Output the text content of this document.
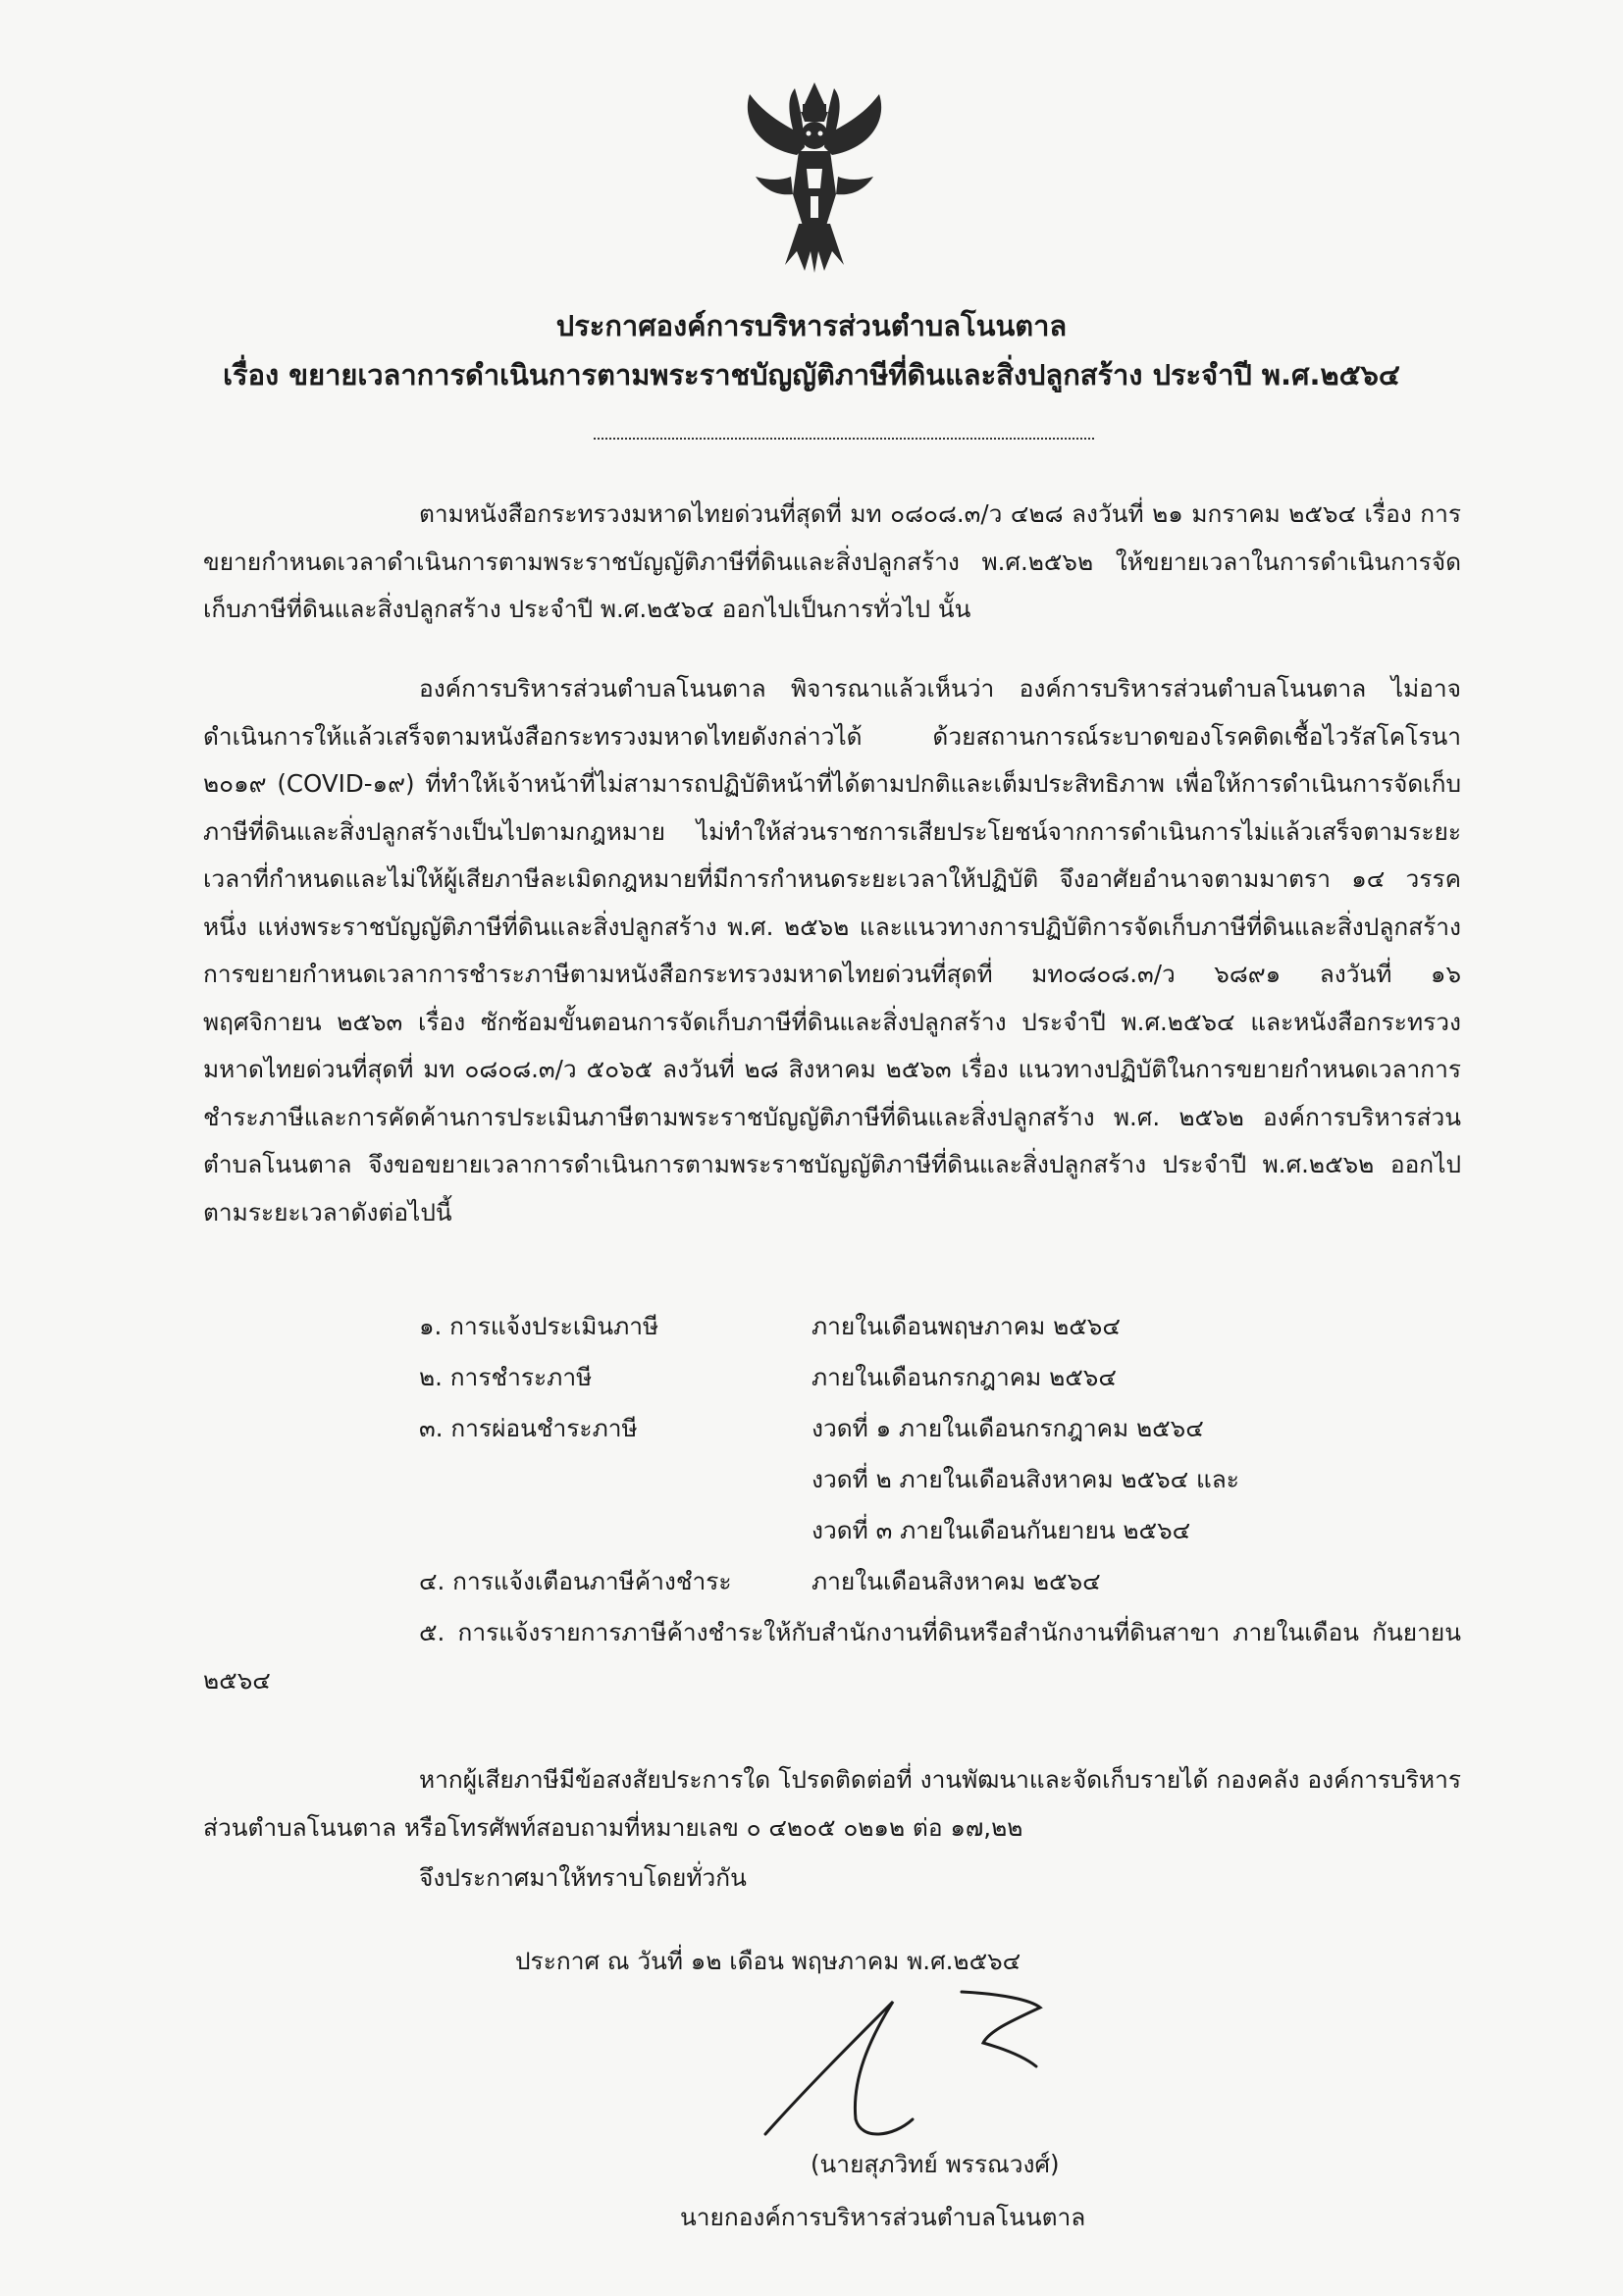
ประกาศองค์การบริหารส่วนตำบลโนนตาล
เรื่อง ขยายเวลาการดำเนินการตามพระราชบัญญัติภาษีที่ดินและสิ่งปลูกสร้าง ประจำปี พ.ศ.๒๕๖๔

ตามหนังสือกระทรวงมหาดไทยด่วนที่สุดที่ มท ๐๘๐๘.๓/ว ๔๒๘ ลงวันที่ ๒๑ มกราคม ๒๕๖๔ เรื่อง การขยายกำหนดเวลาดำเนินการตามพระราชบัญญัติภาษีที่ดินและสิ่งปลูกสร้าง พ.ศ.๒๕๖๒ ให้ขยายเวลาในการดำเนินการจัดเก็บภาษีที่ดินและสิ่งปลูกสร้าง ประจำปี พ.ศ.๒๕๖๔ ออกไปเป็นการทั่วไป นั้น

องค์การบริหารส่วนตำบลโนนตาล พิจารณาแล้วเห็นว่า องค์การบริหารส่วนตำบลโนนตาล ไม่อาจดำเนินการให้แล้วเสร็จตามหนังสือกระทรวงมหาดไทยดังกล่าวได้ ด้วยสถานการณ์ระบาดของโรคติดเชื้อไวรัสโคโรนา ๒๐๑๙ (COVID-๑๙) ที่ทำให้เจ้าหน้าที่ไม่สามารถปฏิบัติหน้าที่ได้ตามปกติและเต็มประสิทธิภาพ เพื่อให้การดำเนินการจัดเก็บภาษีที่ดินและสิ่งปลูกสร้างเป็นไปตามกฎหมาย ไม่ทำให้ส่วนราชการเสียประโยชน์จากการดำเนินการไม่แล้วเสร็จตามระยะเวลาที่กำหนดและไม่ให้ผู้เสียภาษีละเมิดกฎหมายที่มีการกำหนดระยะเวลาให้ปฏิบัติ จึงอาศัยอำนาจตามมาตรา ๑๔ วรรคหนึ่ง แห่งพระราชบัญญัติภาษีที่ดินและสิ่งปลูกสร้าง พ.ศ. ๒๕๖๒ และแนวทางการปฏิบัติการจัดเก็บภาษีที่ดินและสิ่งปลูกสร้าง การขยายกำหนดเวลาการชำระภาษีตามหนังสือกระทรวงมหาดไทยด่วนที่สุดที่ มท๐๘๐๘.๓/ว ๖๘๙๑ ลงวันที่ ๑๖ พฤศจิกายน ๒๕๖๓ เรื่อง ซักซ้อมขั้นตอนการจัดเก็บภาษีที่ดินและสิ่งปลูกสร้าง ประจำปี พ.ศ.๒๕๖๔ และหนังสือกระทรวงมหาดไทยด่วนที่สุดที่ มท ๐๘๐๘.๓/ว ๕๐๖๕ ลงวันที่ ๒๘ สิงหาคม ๒๕๖๓ เรื่อง แนวทางปฏิบัติในการขยายกำหนดเวลาการชำระภาษีและการคัดค้านการประเมินภาษีตามพระราชบัญญัติภาษีที่ดินและสิ่งปลูกสร้าง พ.ศ. ๒๕๖๒ องค์การบริหารส่วนตำบลโนนตาล จึงขอขยายเวลาการดำเนินการตามพระราชบัญญัติภาษีที่ดินและสิ่งปลูกสร้าง ประจำปี พ.ศ.๒๕๖๒ ออกไป ตามระยะเวลาดังต่อไปนี้

๑. การแจ้งประเมินภาษี	ภายในเดือนพฤษภาคม ๒๕๖๔
๒. การชำระภาษี	ภายในเดือนกรกฎาคม ๒๕๖๔
๓. การผ่อนชำระภาษี	งวดที่ ๑ ภายในเดือนกรกฎาคม ๒๕๖๔
งวดที่ ๒ ภายในเดือนสิงหาคม ๒๕๖๔ และ
งวดที่ ๓ ภายในเดือนกันยายน ๒๕๖๔
๔. การแจ้งเตือนภาษีค้างชำระ	ภายในเดือนสิงหาคม ๒๕๖๔

๕. การแจ้งรายการภาษีค้างชำระให้กับสำนักงานที่ดินหรือสำนักงานที่ดินสาขา ภายในเดือน กันยายน ๒๕๖๔

หากผู้เสียภาษีมีข้อสงสัยประการใด โปรดติดต่อที่ งานพัฒนาและจัดเก็บรายได้ กองคลัง องค์การบริหารส่วนตำบลโนนตาล หรือโทรศัพท์สอบถามที่หมายเลข ๐ ๔๒๐๕ ๐๒๑๒ ต่อ ๑๗,๒๒

จึงประกาศมาให้ทราบโดยทั่วกัน

ประกาศ ณ วันที่ ๑๒ เดือน พฤษภาคม พ.ศ.๒๕๖๔

(นายสุภวิทย์ พรรณวงศ์)

นายกองค์การบริหารส่วนตำบลโนนตาล
